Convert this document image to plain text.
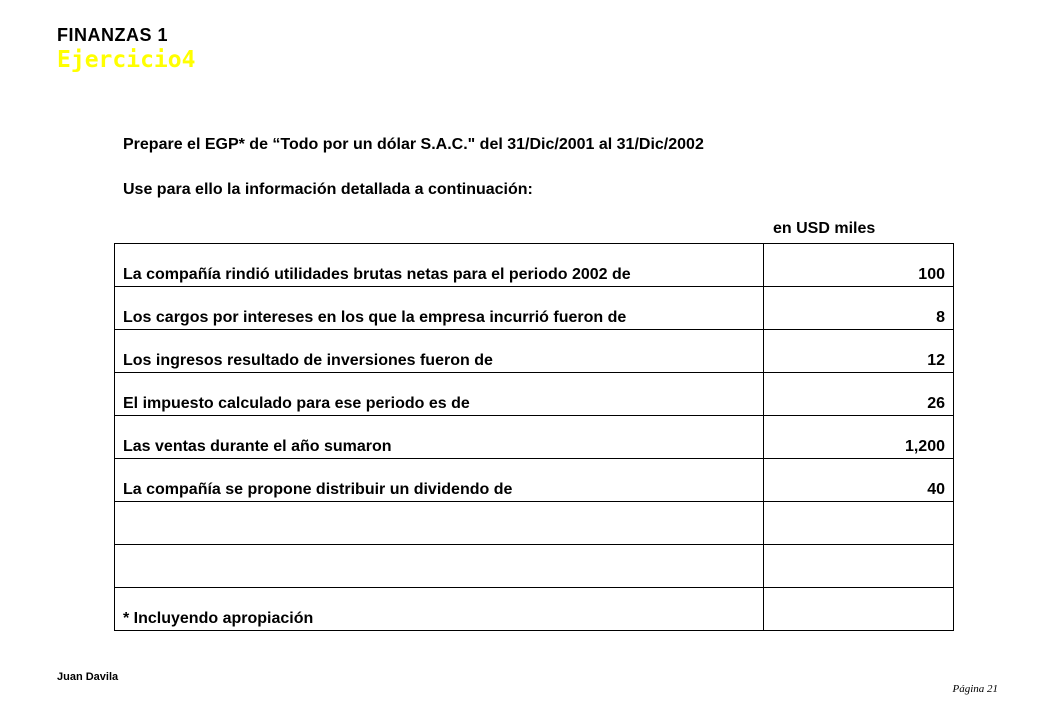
FINANZAS 1
Ejercicio4
Prepare el EGP* de “Todo por un dólar S.A.C." del 31/Dic/2001 al 31/Dic/2002
Use para ello la información detallada a continuación:
en USD miles
La compañía rindió utilidades brutas netas para el periodo 2002 de	100
Los cargos por intereses en los que la empresa incurrió fueron de	8
Los ingresos resultado de inversiones fueron de	12
El impuesto calculado para ese periodo es de	26
Las ventas durante el año sumaron	1,200
La compañía se propone distribuir un dividendo de	40

* Incluyendo apropiación	
Juan Davila
Página 21
